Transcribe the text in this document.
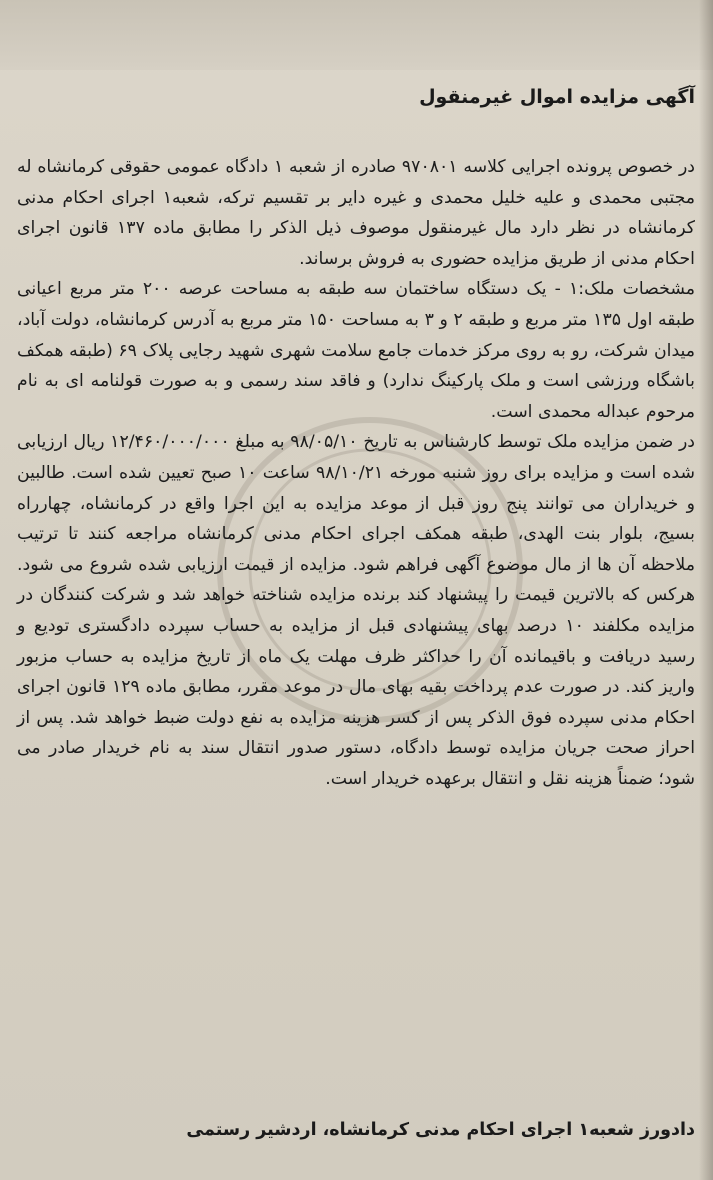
آگهی مزایده اموال غیرمنقول

در خصوص پرونده اجرایی کلاسه ۹۷۰۸۰۱ صادره از شعبه ۱ دادگاه عمومی حقوقی کرمانشاه له مجتبی محمدی و علیه خلیل محمدی و غیره دایر بر تقسیم ترکه، شعبه۱ اجرای احکام مدنی کرمانشاه در نظر دارد مال غیرمنقول موصوف ذیل الذکر را مطابق ماده ۱۳۷ قانون اجرای احکام مدنی از طریق مزایده حضوری به فروش برساند.

مشخصات ملک:۱ - یک دستگاه ساختمان سه طبقه به مساحت عرصه ۲۰۰ متر مربع اعیانی طبقه اول ۱۳۵ متر مربع و طبقه ۲ و ۳ به مساحت ۱۵۰ متر مربع به آدرس کرمانشاه، دولت آباد، میدان شرکت، رو به روی مرکز خدمات جامع سلامت شهری شهید رجایی پلاک ۶۹ (طبقه همکف باشگاه ورزشی است و ملک پارکینگ ندارد) و فاقد سند رسمی و به صورت قولنامه ای به نام مرحوم عبداله محمدی است.

در ضمن مزایده ملک توسط کارشناس به تاریخ ۹۸/۰۵/۱۰ به مبلغ ۱۲/۴۶۰/۰۰۰/۰۰۰ ریال ارزیابی شده است و مزایده برای روز شنبه مورخه ۹۸/۱۰/۲۱ ساعت ۱۰ صبح تعیین شده است. طالبین و خریداران می توانند پنج روز قبل از موعد مزایده به این اجرا واقع در کرمانشاه، چهارراه بسیج، بلوار بنت الهدی، طبقه همکف اجرای احکام مدنی کرمانشاه مراجعه کنند تا ترتیب ملاحظه آن ها از مال موضوع آگهی فراهم شود. مزایده از قیمت ارزیابی شده شروع می شود. هرکس که بالاترین قیمت را پیشنهاد کند برنده مزایده شناخته خواهد شد و شرکت کنندگان در مزایده مکلفند ۱۰ درصد بهای پیشنهادی قبل از مزایده به حساب سپرده دادگستری تودیع و رسید دریافت و باقیمانده آن را حداکثر ظرف مهلت یک ماه از تاریخ مزایده به حساب مزبور واریز کند. در صورت عدم پرداخت بقیه بهای مال در موعد مقرر، مطابق ماده ۱۲۹ قانون اجرای احکام مدنی سپرده فوق الذکر پس از کسر هزینه مزایده به نفع دولت ضبط خواهد شد. پس از احراز صحت جریان مزایده توسط دادگاه، دستور صدور انتقال سند به نام خریدار صادر می شود؛ ضمناً هزینه نقل و انتقال برعهده خریدار است.

دادورز شعبه۱ اجرای احکام مدنی کرمانشاه، اردشیر رستمی
